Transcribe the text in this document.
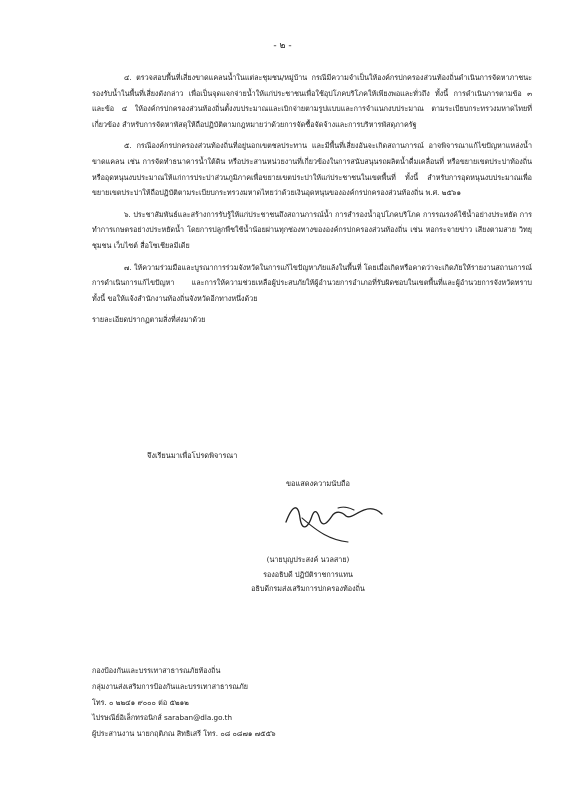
- ๒ -

๔. ตรวจสอบพื้นที่เสี่ยงขาดแคลนน้ำในแต่ละชุมชน/หมู่บ้าน กรณีมีความจำเป็นให้องค์กรปกครองส่วนท้องถิ่นดำเนินการจัดหาภาชนะรองรับน้ำในพื้นที่เสี่ยงดังกล่าว เพื่อเป็นจุดแจกจ่ายน้ำให้แก่ประชาชนเพื่อใช้อุปโภคบริโภคให้เพียงพอและทั่วถึง ทั้งนี้ การดำเนินการตามข้อ ๓ และข้อ ๔ ให้องค์กรปกครองส่วนท้องถิ่นตั้งงบประมาณและเบิกจ่ายตามรูปแบบและการจำแนกงบประมาณ ตามระเบียบกระทรวงมหาดไทยที่เกี่ยวข้อง สำหรับการจัดหาพัสดุให้ถือปฏิบัติตามกฎหมายว่าด้วยการจัดซื้อจัดจ้างและการบริหารพัสดุภาครัฐ

๕. กรณีองค์กรปกครองส่วนท้องถิ่นที่อยู่นอกเขตชลประทาน และมีพื้นที่เสี่ยงอันจะเกิดสถานการณ์ อาจพิจารณาแก้ไขปัญหาแหล่งน้ำขาดแคลน เช่น การจัดทำธนาคารน้ำใต้ดิน หรือประสานหน่วยงานที่เกี่ยวข้องในการสนับสนุนรถผลิตน้ำดื่มเคลื่อนที่ หรือขยายเขตประปาท้องถิ่น หรืออุดหนุนงบประมาณให้แก่การประปาส่วนภูมิภาคเพื่อขยายเขตประปาให้แก่ประชาชนในเขตพื้นที่ ทั้งนี้ สำหรับการอุดหนุนงบประมาณเพื่อขยายเขตประปาให้ถือปฏิบัติตามระเบียบกระทรวงมหาดไทยว่าด้วยเงินอุดหนุนขององค์กรปกครองส่วนท้องถิ่น พ.ศ. ๒๕๖๑

๖. ประชาสัมพันธ์และสร้างการรับรู้ให้แก่ประชาชนถึงสถานการณ์น้ำ การสำรองน้ำอุปโภคบริโภค การรณรงค์ใช้น้ำอย่างประหยัด การทำการเกษตรอย่างประหยัดน้ำ โดยการปลูกพืชใช้น้ำน้อยผ่านทุกช่องทางขององค์กรปกครองส่วนท้องถิ่น เช่น หอกระจายข่าว เสียงตามสาย วิทยุชุมชน เว็บไซต์ สื่อโซเชียลมีเดีย

๗. ให้ความร่วมมือและบูรณาการร่วมจังหวัดในการแก้ไขปัญหาภัยแล้งในพื้นที่ โดยเมื่อเกิดหรือคาดว่าจะเกิดภัยให้รายงานสถานการณ์ การดำเนินการแก้ไขปัญหา และการให้ความช่วยเหลือผู้ประสบภัยให้ผู้อำนวยการอำเภอที่รับผิดชอบในเขตพื้นที่และผู้อำนวยการจังหวัดทราบ ทั้งนี้ ขอให้แจ้งสำนักงานท้องถิ่นจังหวัดอีกทางหนึ่งด้วย

รายละเอียดปรากฏตามสิ่งที่ส่งมาด้วย

จึงเรียนมาเพื่อโปรดพิจารณา
ขอแสดงความนับถือ
(นายบุญประสงค์ นวลสาย)
รองอธิบดี ปฏิบัติราชการแทน
อธิบดีกรมส่งเสริมการปกครองท้องถิ่น
กองป้องกันและบรรเทาสาธารณภัยท้องถิ่น
กลุ่มงานส่งเสริมการป้องกันและบรรเทาสาธารณภัย
โทร. ๐ ๒๒๔๑ ๙๐๐๐ ต่อ ๕๒๑๒
ไปรษณีย์อิเล็กทรอนิกส์ saraban@dla.go.th
ผู้ประสานงาน นายกฤติภณ สิทธิเสรี โทร. ๐๘ ๐๘๗๑ ๗๕๕๖
